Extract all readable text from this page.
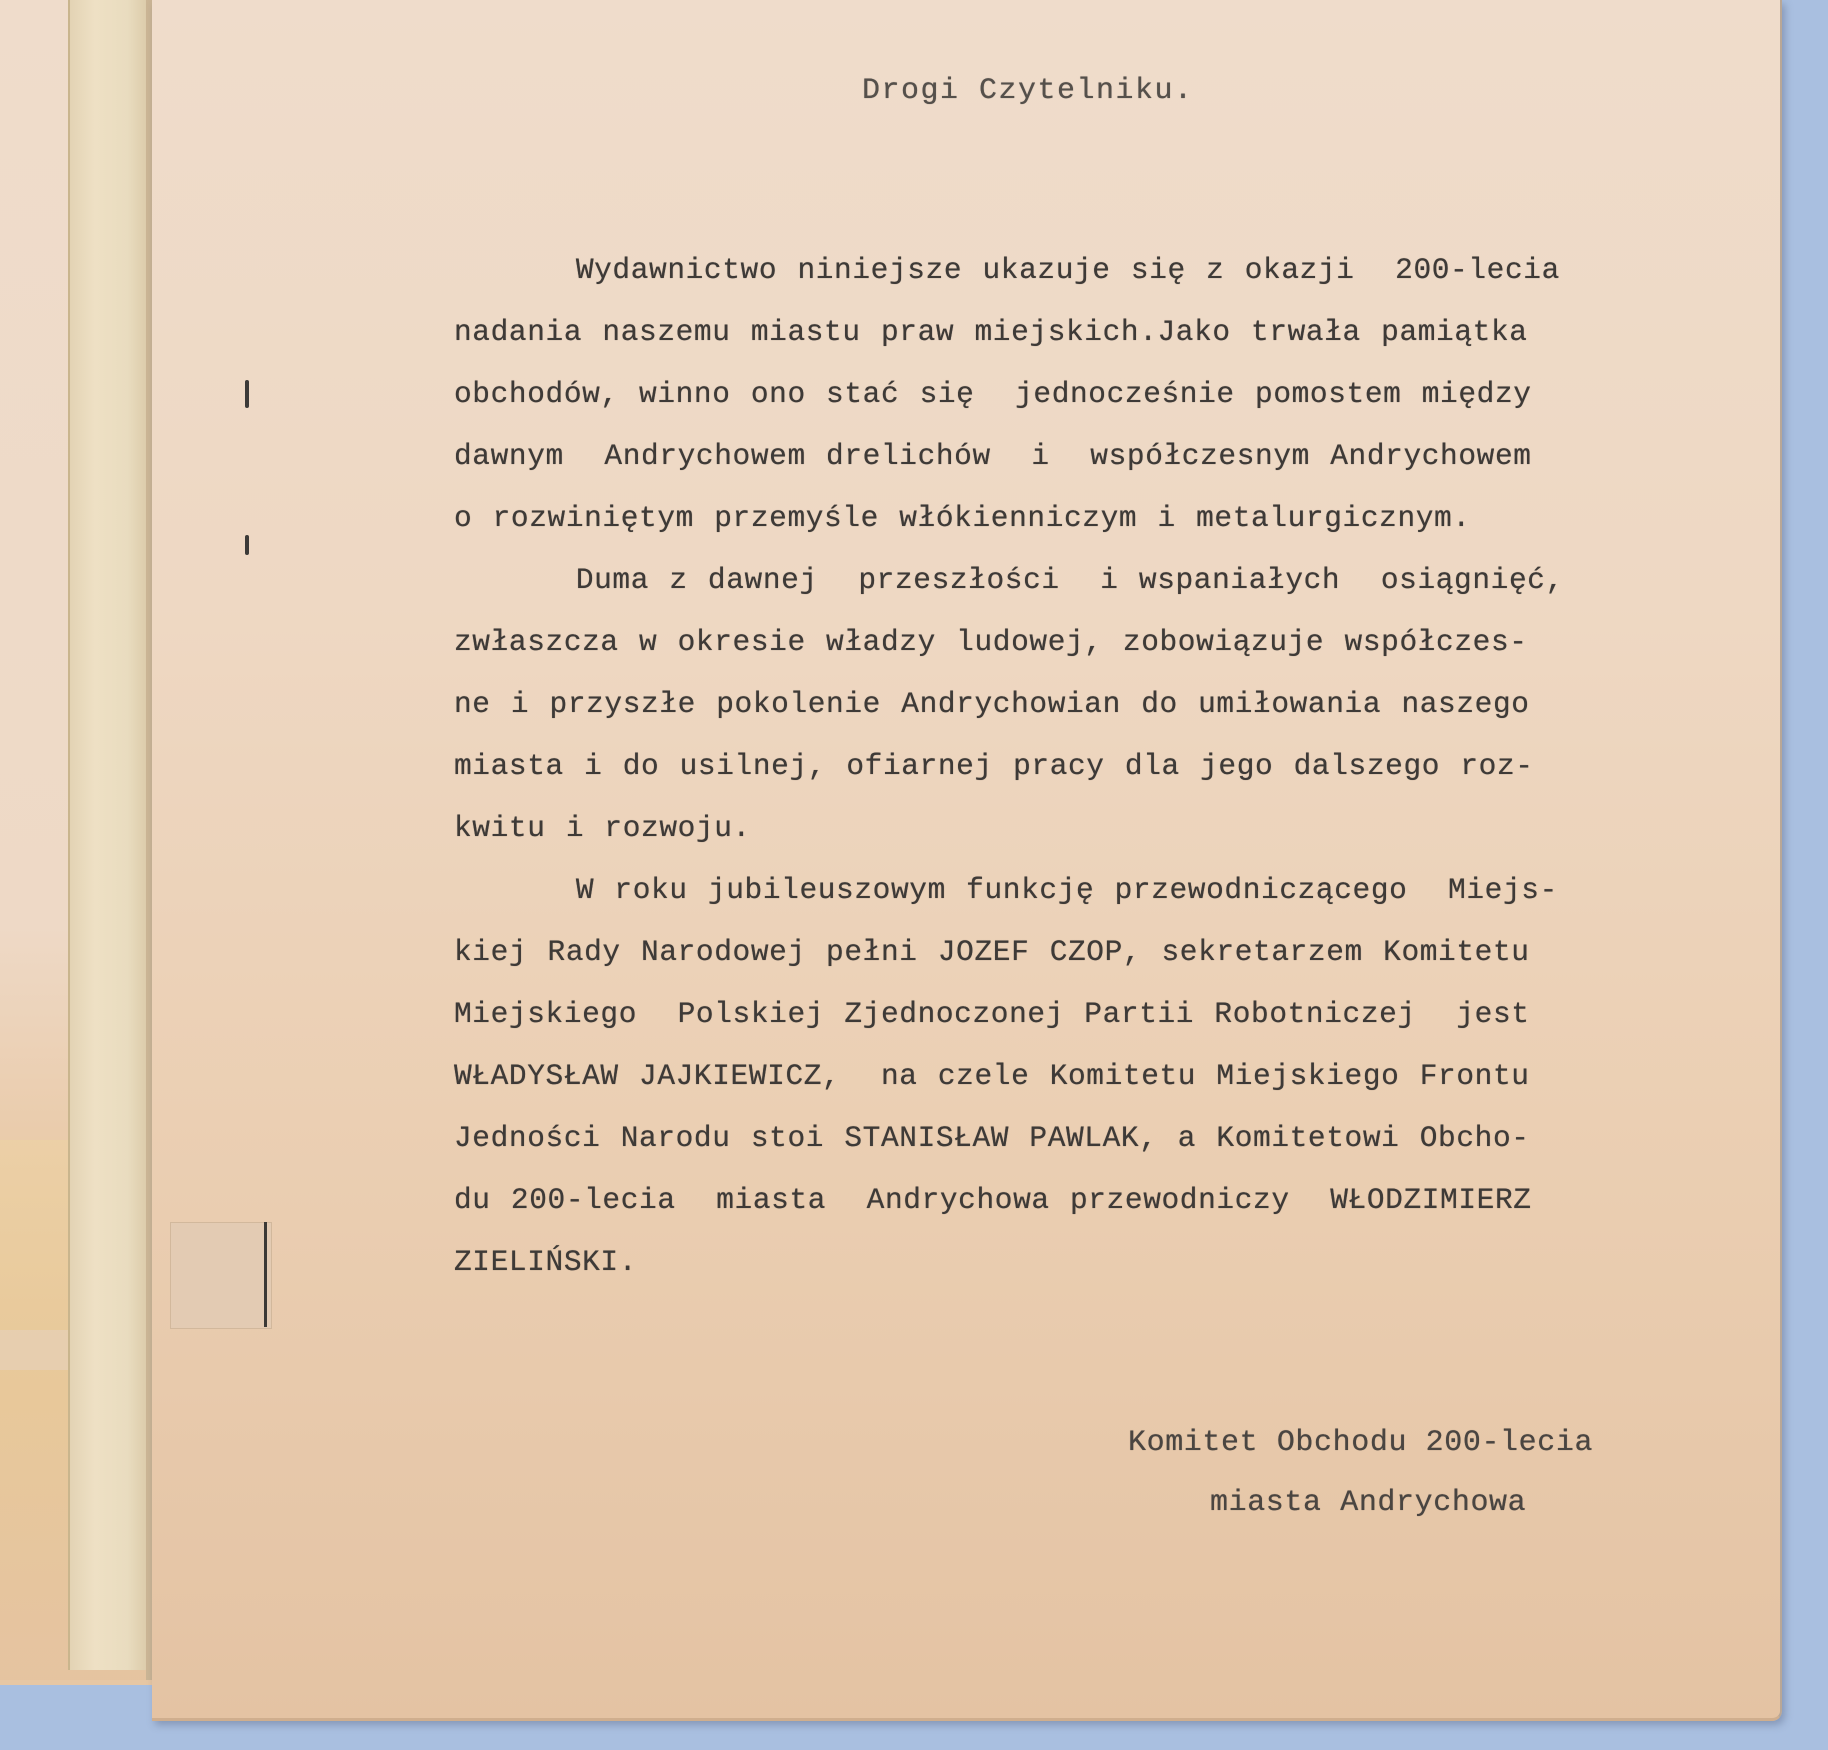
Drogi Czytelniku.
Wydawnictwo niniejsze ukazuje się z okazji  200-lecia
nadania naszemu miastu praw miejskich.Jako trwała pamiątka
obchodów, winno ono stać się  jednocześnie pomostem między
dawnym  Andrychowem drelichów  i  współczesnym Andrychowem
o rozwiniętym przemyśle włókienniczym i metalurgicznym.
Duma z dawnej  przeszłości  i wspaniałych  osiągnięć,
zwłaszcza w okresie władzy ludowej, zobowiązuje współczes-
ne i przyszłe pokolenie Andrychowian do umiłowania naszego
miasta i do usilnej, ofiarnej pracy dla jego dalszego roz-
kwitu i rozwoju.
W roku jubileuszowym funkcję przewodniczącego  Miejs-
kiej Rady Narodowej pełni JOZEF CZOP, sekretarzem Komitetu
Miejskiego  Polskiej Zjednoczonej Partii Robotniczej  jest
WŁADYSŁAW JAJKIEWICZ,  na czele Komitetu Miejskiego Frontu
Jedności Narodu stoi STANISŁAW PAWLAK, a Komitetowi Obcho-
du 200-lecia  miasta  Andrychowa przewodniczy  WŁODZIMIERZ
ZIELIŃSKI.
Komitet Obchodu 200-lecia
miasta Andrychowa
